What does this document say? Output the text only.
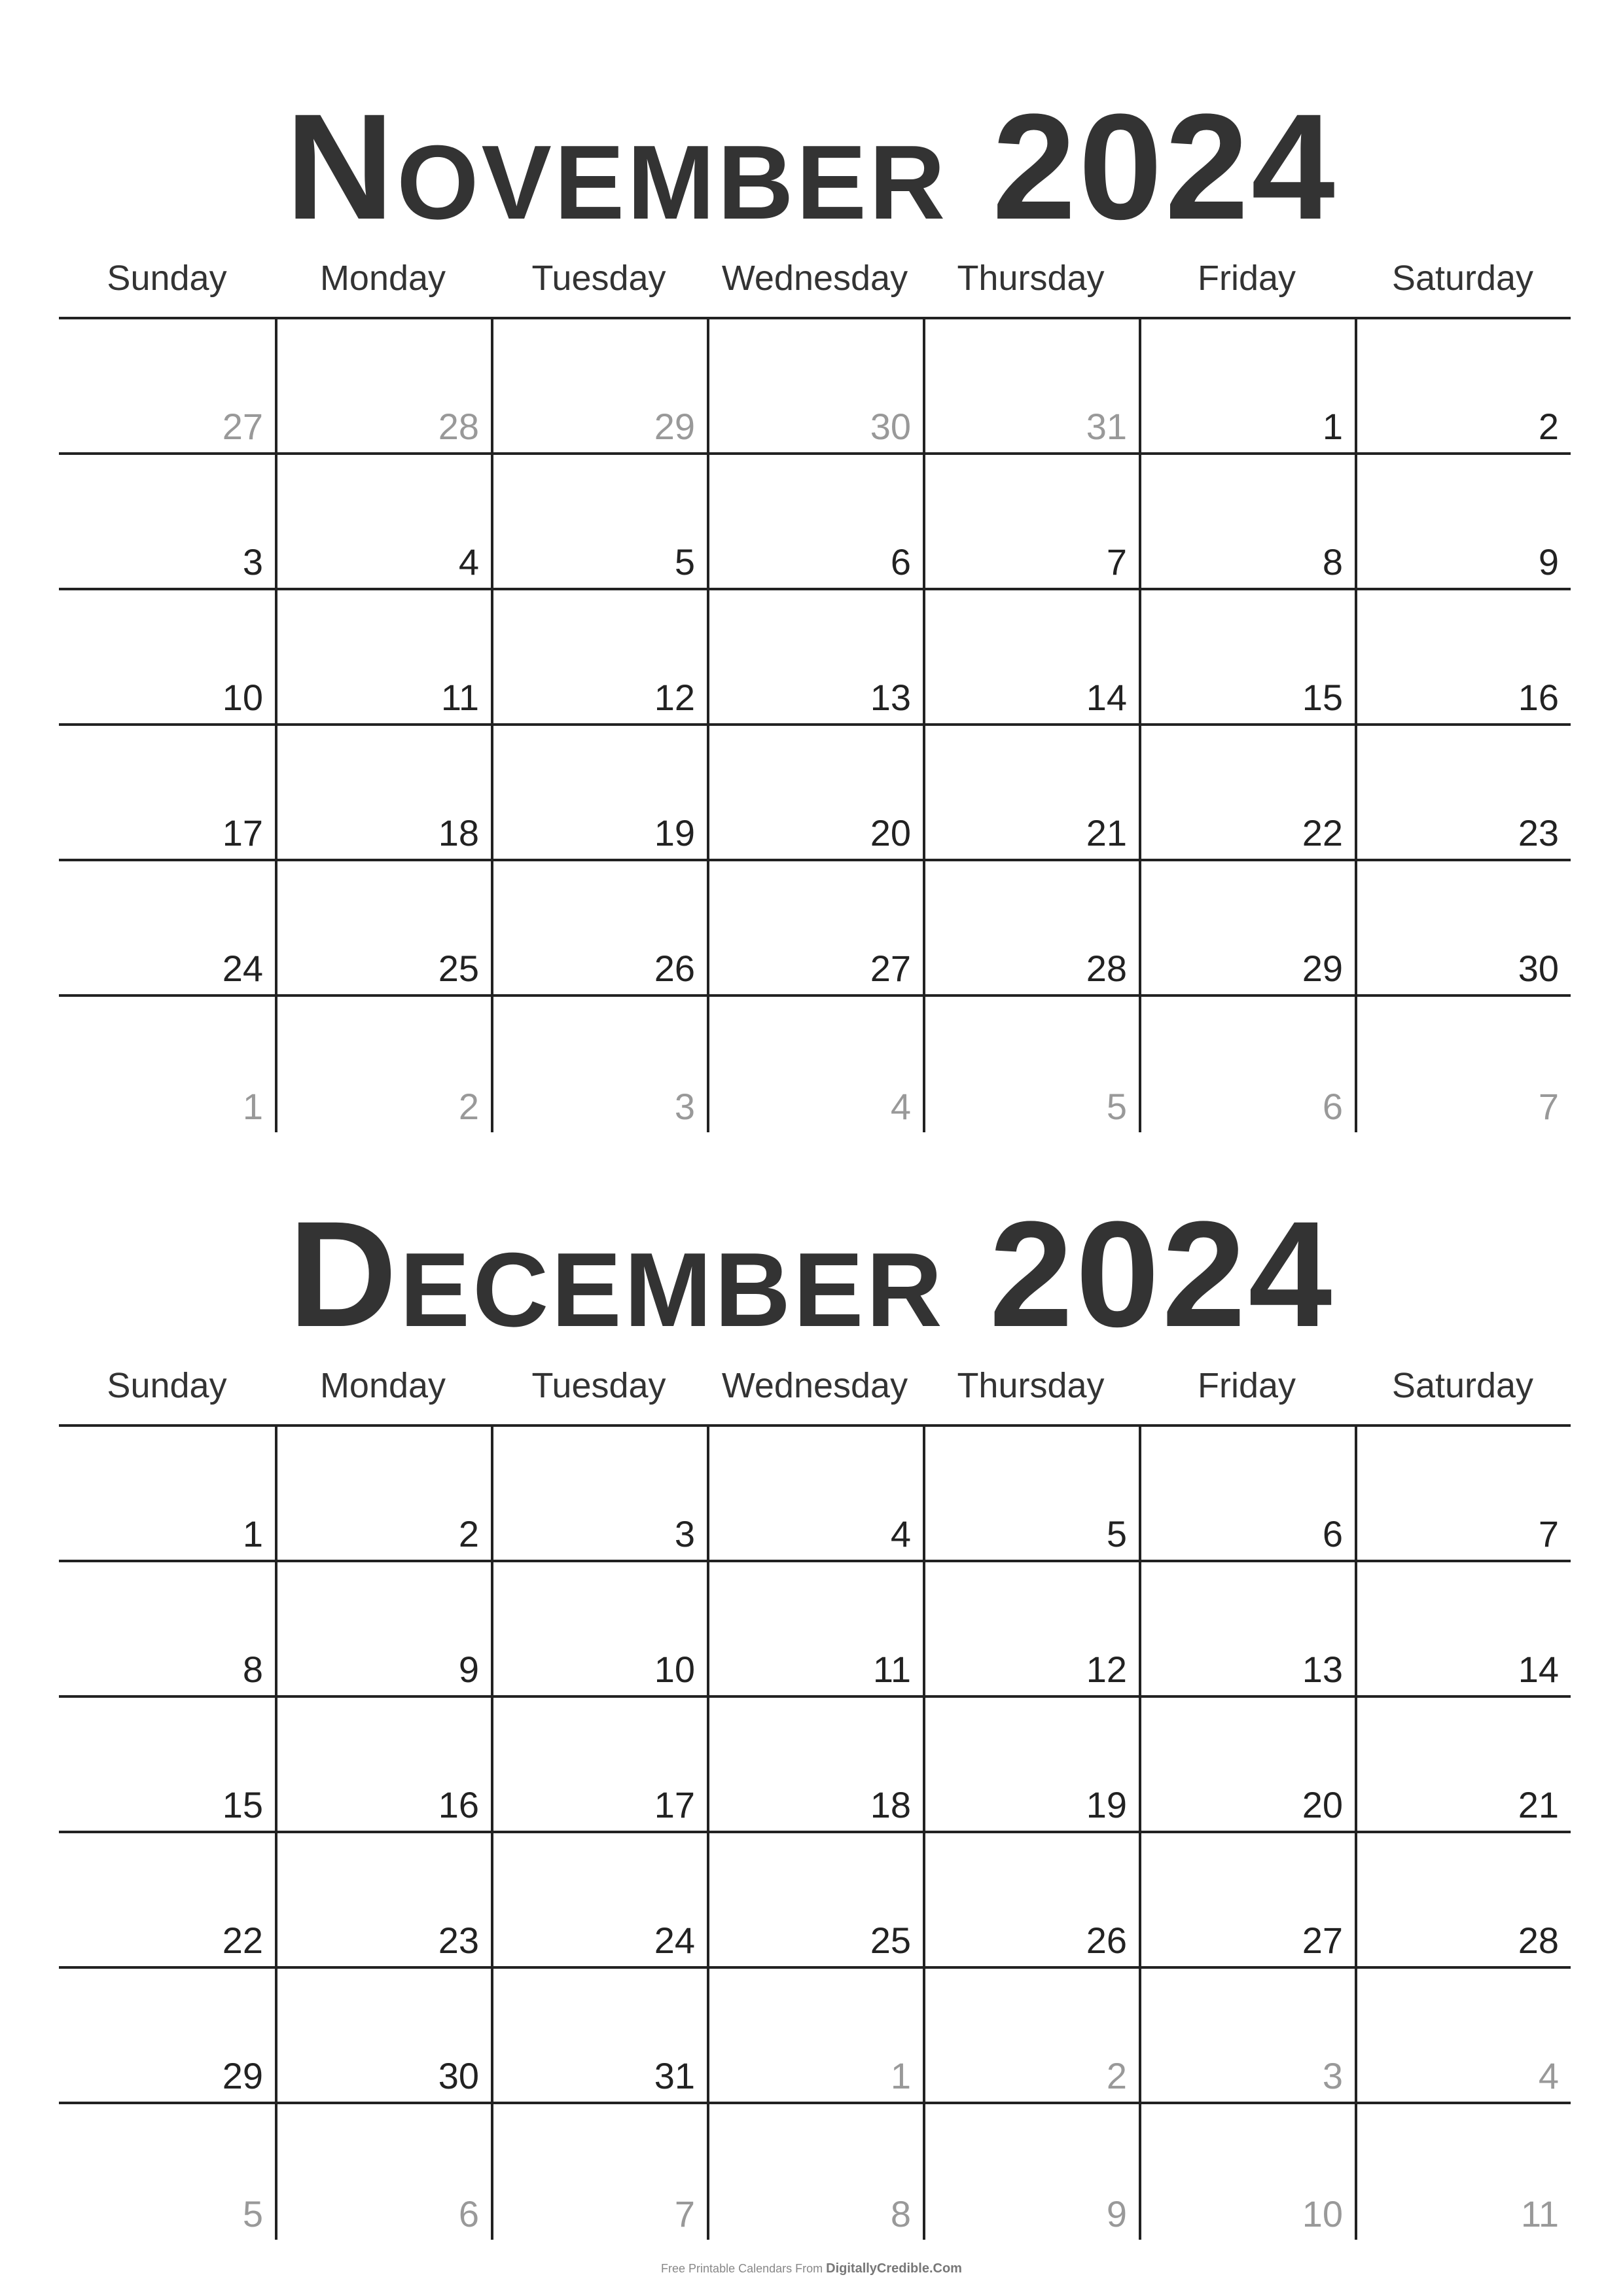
November 2024
Sunday	Monday	Tuesday	Wednesday	Thursday	Friday	Saturday
27	28	29	30	31	1	2
3	4	5	6	7	8	9
10	11	12	13	14	15	16
17	18	19	20	21	22	23
24	25	26	27	28	29	30
1	2	3	4	5	6	7
December 2024
Sunday	Monday	Tuesday	Wednesday	Thursday	Friday	Saturday
1	2	3	4	5	6	7
8	9	10	11	12	13	14
15	16	17	18	19	20	21
22	23	24	25	26	27	28
29	30	31	1	2	3	4
5	6	7	8	9	10	11
Free Printable Calendars From DigitallyCredible.Com
